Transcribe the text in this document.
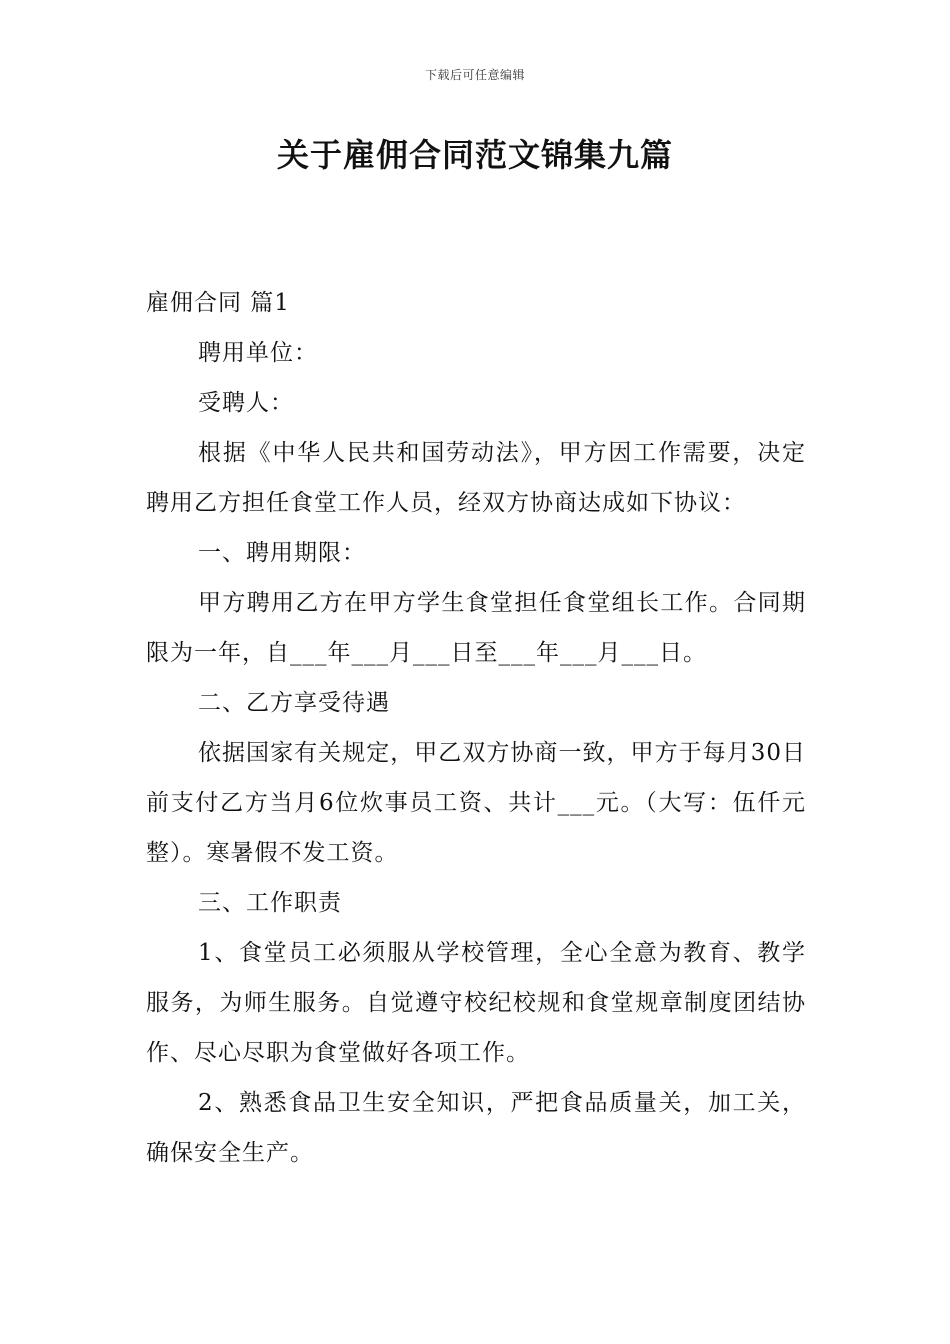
下载后可任意编辑
关于雇佣合同范文锦集九篇

雇佣合同 篇1

聘用单位：

受聘人：

根据《中华人民共和国劳动法》，甲方因工作需要，决定聘用乙方担任食堂工作人员，经双方协商达成如下协议：

一、聘用期限：

甲方聘用乙方在甲方学生食堂担任食堂组长工作。合同期限为一年，自___年___月___日至___年___月___日。

二、乙方享受待遇

依据国家有关规定，甲乙双方协商一致，甲方于每月30日前支付乙方当月6位炊事员工资、共计___元。（大写：伍仟元整）。寒暑假不发工资。

三、工作职责

1、食堂员工必须服从学校管理，全心全意为教育、教学服务，为师生服务。自觉遵守校纪校规和食堂规章制度团结协作、尽心尽职为食堂做好各项工作。

2、熟悉食品卫生安全知识，严把食品质量关，加工关，确保安全生产。
